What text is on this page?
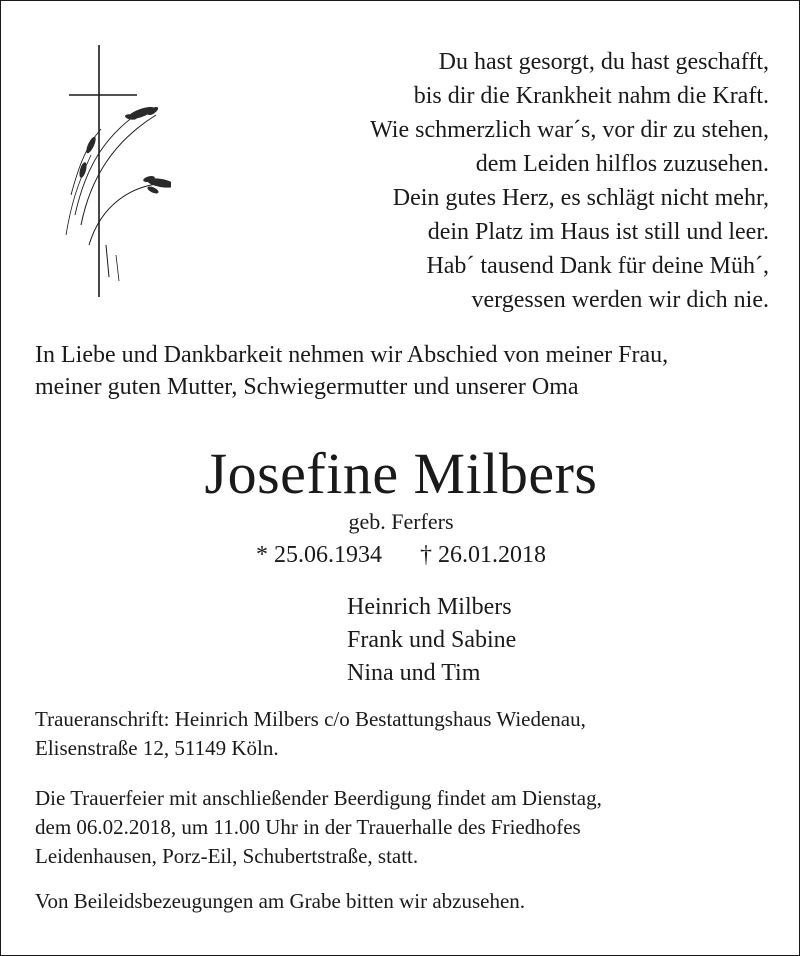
Du hast gesorgt, du hast geschafft,
bis dir die Krankheit nahm die Kraft.
Wie schmerzlich war´s, vor dir zu stehen,
dem Leiden hilflos zuzusehen.
Dein gutes Herz, es schlägt nicht mehr,
dein Platz im Haus ist still und leer.
Hab´ tausend Dank für deine Müh´,
vergessen werden wir dich nie.
In Liebe und Dankbarkeit nehmen wir Abschied von meiner Frau,
meiner guten Mutter, Schwiegermutter und unserer Oma
Josefine Milbers
geb. Ferfers
* 25.06.1934 † 26.01.2018
Heinrich Milbers
Frank und Sabine
Nina und Tim
Traueranschrift: Heinrich Milbers c/o Bestattungshaus Wiedenau,
Elisenstraße 12, 51149 Köln.
Die Trauerfeier mit anschließender Beerdigung findet am Dienstag,
dem 06.02.2018, um 11.00 Uhr in der Trauerhalle des Friedhofes
Leidenhausen, Porz-Eil, Schubertstraße, statt.
Von Beileidsbezeugungen am Grabe bitten wir abzusehen.
